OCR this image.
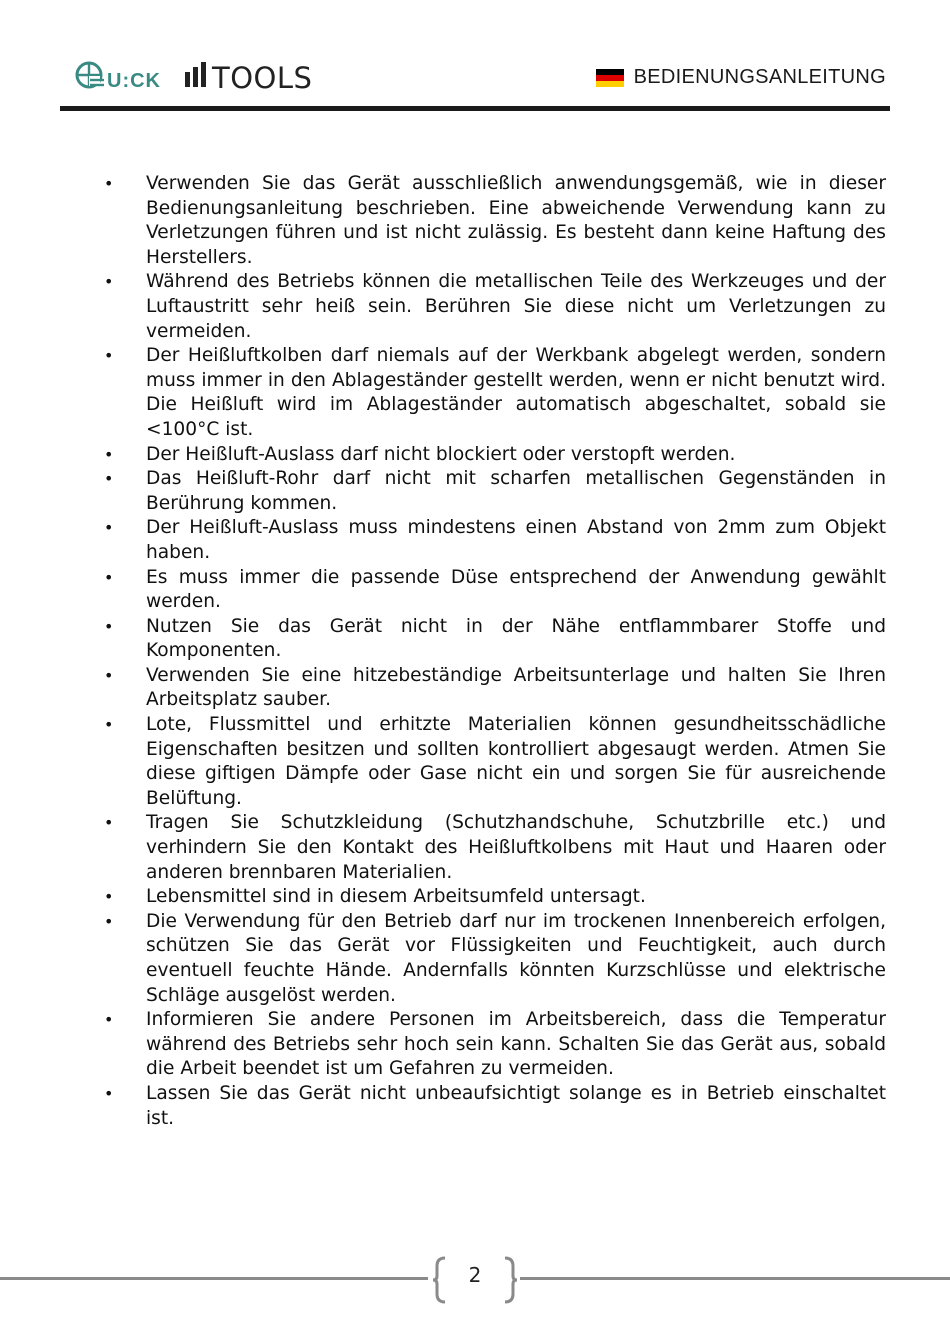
U:CK TOOLS	BEDIENUNGSANLEITUNG
• Verwenden Sie das Gerät ausschließlich anwendungsgemäß, wie in dieser Bedienungsanleitung beschrieben. Eine abweichende Verwendung kann zu Verletzungen führen und ist nicht zulässig. Es besteht dann keine Haftung des Herstellers.
• Während des Betriebs können die metallischen Teile des Werkzeuges und der Luftaustritt sehr heiß sein. Berühren Sie diese nicht um Verletzungen zu vermeiden.
• Der Heißluftkolben darf niemals auf der Werkbank abgelegt werden, sondern muss immer in den Ablageständer gestellt werden, wenn er nicht benutzt wird. Die Heißluft wird im Ablageständer automatisch abgeschaltet, sobald sie <100°C ist.
• Der Heißluft-Auslass darf nicht blockiert oder verstopft werden.
• Das Heißluft-Rohr darf nicht mit scharfen metallischen Gegenständen in Berührung kommen.
• Der Heißluft-Auslass muss mindestens einen Abstand von 2mm zum Objekt haben.
• Es muss immer die passende Düse entsprechend der Anwendung gewählt werden.
• Nutzen Sie das Gerät nicht in der Nähe entflammbarer Stoffe und Komponenten.
• Verwenden Sie eine hitzebeständige Arbeitsunterlage und halten Sie Ihren Arbeitsplatz sauber.
• Lote, Flussmittel und erhitzte Materialien können gesundheitsschädliche Eigenschaften besitzen und sollten kontrolliert abgesaugt werden. Atmen Sie diese giftigen Dämpfe oder Gase nicht ein und sorgen Sie für ausreichende Belüftung.
• Tragen Sie Schutzkleidung (Schutzhandschuhe, Schutzbrille etc.) und verhindern Sie den Kontakt des Heißluftkolbens mit Haut und Haaren oder anderen brennbaren Materialien.
• Lebensmittel sind in diesem Arbeitsumfeld untersagt.
• Die Verwendung für den Betrieb darf nur im trockenen Innenbereich erfolgen, schützen Sie das Gerät vor Flüssigkeiten und Feuchtigkeit, auch durch eventuell feuchte Hände. Andernfalls könnten Kurzschlüsse und elektrische Schläge ausgelöst werden.
• Informieren Sie andere Personen im Arbeitsbereich, dass die Temperatur während des Betriebs sehr hoch sein kann. Schalten Sie das Gerät aus, sobald die Arbeit beendet ist um Gefahren zu vermeiden.
• Lassen Sie das Gerät nicht unbeaufsichtigt solange es in Betrieb einschaltet ist.
2
